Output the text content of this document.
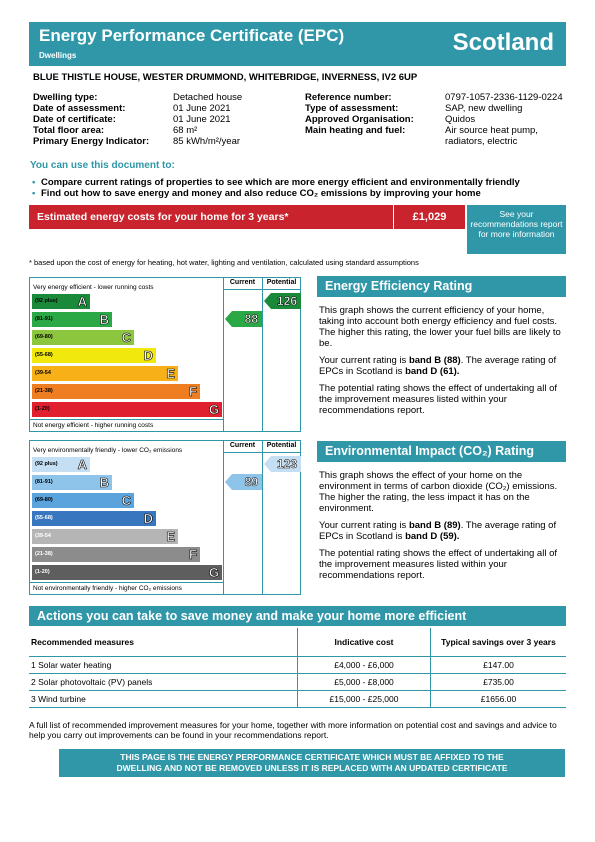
Energy Performance Certificate (EPC)
Dwellings	Scotland
BLUE THISTLE HOUSE, WESTER DRUMMOND, WHITEBRIDGE, INVERNESS, IV2 6UP
Dwelling type:	Detached house
Date of assessment:	01 June 2021
Date of certificate:	01 June 2021
Total floor area:	68 m²
Primary Energy Indicator:	85 kWh/m²/year
Reference number:	0797-1057-2336-1129-0224
Type of assessment:	SAP, new dwelling
Approved Organisation:	Quidos
Main heating and fuel:	Air source heat pump, radiators, electric
You can use this document to:
• Compare current ratings of properties to see which are more energy efficient and environmentally friendly
• Find out how to save energy and money and also reduce CO₂ emissions by improving your home
Estimated energy costs for your home for 3 years*	£1,029	See your recommendations report for more information
* based upon the cost of energy for heating, hot water, lighting and ventilation, calculated using standard assumptions
Current	Potential
Very energy efficient - lower running costs
Not energy efficient - higher running costs
(92 plus) A
(81-91)	B
(69-80)	C
(55-68)	D
(39-54	E
(21-38)	F
(1-20)	G
88
126
Current	Potential
Very environmentally friendly - lower CO₂ emissions
Not environmentally friendly - higher CO₂ emissions
(92 plus) A
(81-91)	B
(69-80)	C
(55-68)	D
(39-54	E
(21-38)	F
(1-20)	G
89
123
Energy Efficiency Rating

This graph shows the current efficiency of your home, taking into account both energy efficiency and fuel costs. The higher this rating, the lower your fuel bills are likely to be.

Your current rating is band B (88). The average rating of EPCs in Scotland is band D (61).

The potential rating shows the effect of undertaking all of the improvement measures listed within your recommendations report.

Environmental Impact (CO₂) Rating

This graph shows the effect of your home on the environment in terms of carbon dioxide (CO₂) emissions. The higher the rating, the less impact it has on the environment.

Your current rating is band B (89). The average rating of EPCs in Scotland is band D (59).

The potential rating shows the effect of undertaking all of the improvement measures listed within your recommendations report.

Actions you can take to save money and make your home more efficient
Recommended measures	Indicative cost	Typical savings over 3 years
1 Solar water heating	£4,000 - £6,000	£147.00
2 Solar photovoltaic (PV) panels	£5,000 - £8,000	£735.00
3 Wind turbine	£15,000 - £25,000	£1656.00
A full list of recommended improvement measures for your home, together with more information on potential cost and savings and advice to help you carry out improvements can be found in your recommendations report.
THIS PAGE IS THE ENERGY PERFORMANCE CERTIFICATE WHICH MUST BE AFFIXED TO THE
DWELLING AND NOT BE REMOVED UNLESS IT IS REPLACED WITH AN UPDATED CERTIFICATE
